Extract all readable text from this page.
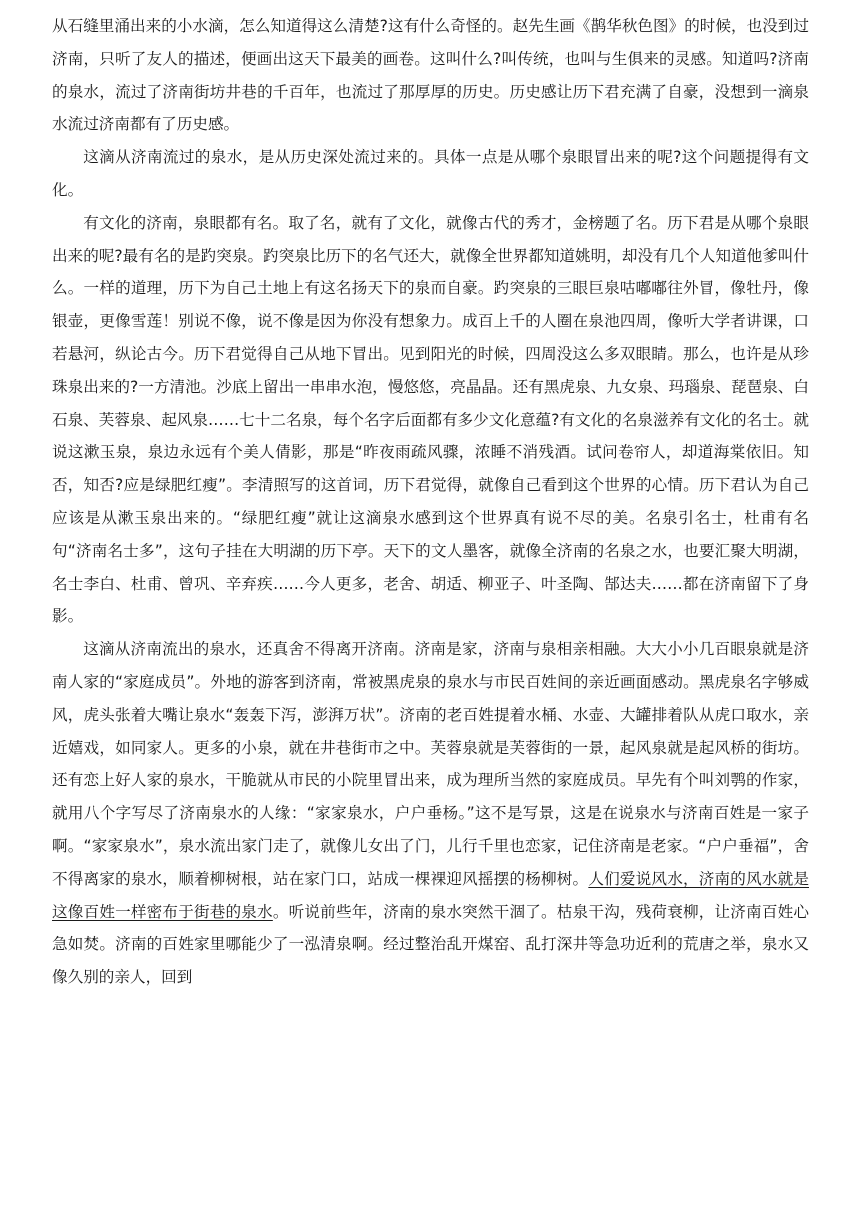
从石缝里涌出来的小水滴，怎么知道得这么清楚?这有什么奇怪的。赵先生画《鹊华秋色图》的时候，也没到过济南，只听了友人的描述，便画出这天下最美的画卷。这叫什么?叫传统，也叫与生俱来的灵感。知道吗?济南的泉水，流过了济南街坊井巷的千百年，也流过了那厚厚的历史。历史感让历下君充满了自豪，没想到一滴泉水流过济南都有了历史感。

这滴从济南流过的泉水，是从历史深处流过来的。具体一点是从哪个泉眼冒出来的呢?这个问题提得有文化。

有文化的济南，泉眼都有名。取了名，就有了文化，就像古代的秀才，金榜题了名。历下君是从哪个泉眼出来的呢?最有名的是趵突泉。趵突泉比历下的名气还大，就像全世界都知道姚明，却没有几个人知道他爹叫什么。一样的道理，历下为自己土地上有这名扬天下的泉而自豪。趵突泉的三眼巨泉咕嘟嘟往外冒，像牡丹，像银壶，更像雪莲！别说不像，说不像是因为你没有想象力。成百上千的人圈在泉池四周，像听大学者讲课，口若悬河，纵论古今。历下君觉得自己从地下冒出。见到阳光的时候，四周没这么多双眼睛。那么，也许是从珍珠泉出来的?一方清池。沙底上留出一串串水泡，慢悠悠，亮晶晶。还有黑虎泉、九女泉、玛瑙泉、琵琶泉、白石泉、芙蓉泉、起风泉……七十二名泉，每个名字后面都有多少文化意蕴?有文化的名泉滋养有文化的名士。就说这漱玉泉，泉边永远有个美人倩影，那是“昨夜雨疏风骤，浓睡不消残酒。试问卷帘人，却道海棠依旧。知否，知否?应是绿肥红瘦”。李清照写的这首词，历下君觉得，就像自己看到这个世界的心情。历下君认为自己应该是从漱玉泉出来的。“绿肥红瘦”就让这滴泉水感到这个世界真有说不尽的美。名泉引名士，杜甫有名句“济南名士多”，这句子挂在大明湖的历下亭。天下的文人墨客，就像全济南的名泉之水，也要汇聚大明湖，名士李白、杜甫、曾巩、辛弃疾……今人更多，老舍、胡适、柳亚子、叶圣陶、郜达夫……都在济南留下了身影。

这滴从济南流出的泉水，还真舍不得离开济南。济南是家，济南与泉相亲相融。大大小小几百眼泉就是济南人家的“家庭成员”。外地的游客到济南，常被黑虎泉的泉水与市民百姓间的亲近画面感动。黑虎泉名字够威风，虎头张着大嘴让泉水“轰轰下泻，澎湃万状”。济南的老百姓提着水桶、水壶、大罐排着队从虎口取水，亲近嬉戏，如同家人。更多的小泉，就在井巷街市之中。芙蓉泉就是芙蓉街的一景，起风泉就是起风桥的街坊。还有恋上好人家的泉水，干脆就从市民的小院里冒出来，成为理所当然的家庭成员。早先有个叫刘鹗的作家，就用八个字写尽了济南泉水的人缘：“家家泉水，户户垂杨。”这不是写景，这是在说泉水与济南百姓是一家子啊。“家家泉水”，泉水流出家门走了，就像儿女出了门，儿行千里也恋家，记住济南是老家。“户户垂福”，舍不得离家的泉水，顺着柳树根，站在家门口，站成一棵裸迎风摇摆的杨柳树。人们爱说风水，济南的风水就是这像百姓一样密布于街巷的泉水。听说前些年，济南的泉水突然干涸了。枯泉干沟，残荷衰柳，让济南百姓心急如焚。济南的百姓家里哪能少了一泓清泉啊。经过整治乱开煤窑、乱打深井等急功近利的荒唐之举，泉水又像久别的亲人，回到
